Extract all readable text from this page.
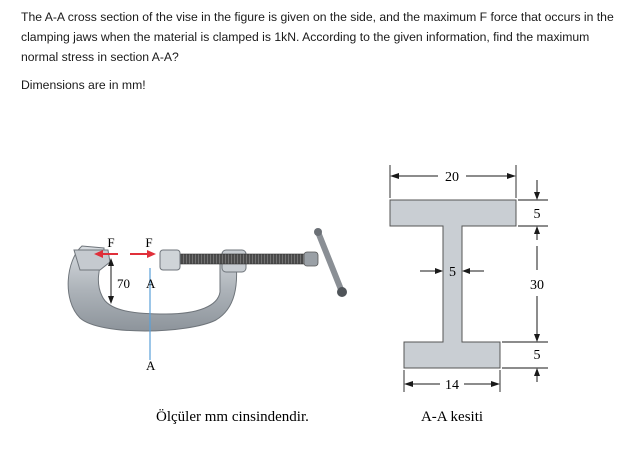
The A-A cross section of the vise in the figure is given on the side, and the maximum F force that occurs in the clamping jaws when the material is clamped is 1kN. According to the given information, find the maximum normal stress in section A-A?

Dimensions are in mm!

F F
70 A
A
Ölçüler mm cinsindendir.
20
5
30
5
5
14
A-A kesiti
